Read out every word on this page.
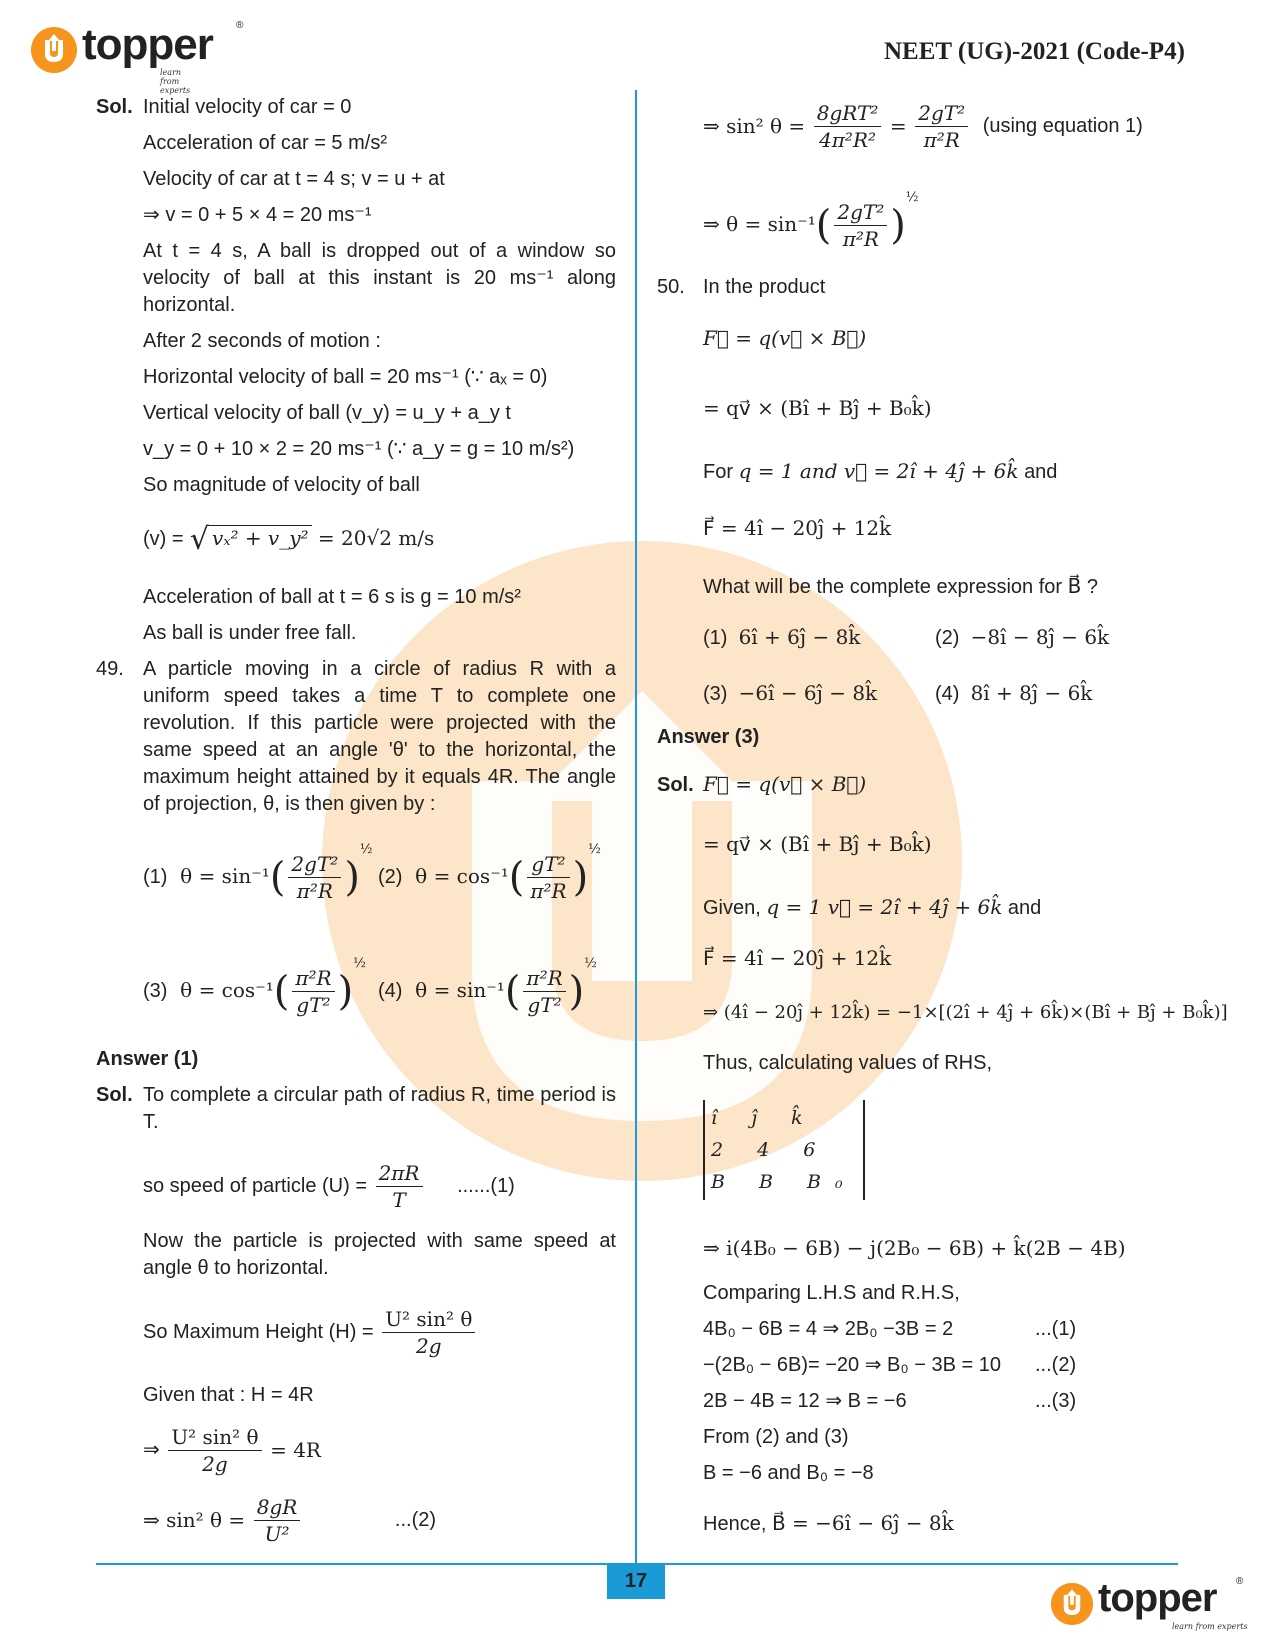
topper ®
learn from experts
NEET (UG)-2021 (Code-P4)
Sol. Initial velocity of car = 0
Acceleration of car = 5 m/s²
Velocity of car at t = 4 s; v = u + at
⇒ v = 0 + 5 × 4 = 20 ms⁻¹
At t = 4 s, A ball is dropped out of a window so velocity of ball at this instant is 20 ms⁻¹ along horizontal.
After 2 seconds of motion :
Horizontal velocity of ball = 20 ms⁻¹ (∵ aₓ = 0)
Vertical velocity of ball (v_y) = u_y + a_y t
v_y = 0 + 10 × 2 = 20 ms⁻¹ (∵ a_y = g = 10 m/s²)
So magnitude of velocity of ball
(v) = √ vₓ² + v_y² = 20√2 m/s
Acceleration of ball at t = 6 s is g = 10 m/s²
As ball is under free fall.
49. A particle moving in a circle of radius R with a uniform speed takes a time T to complete one revolution. If this particle were projected with the same speed at an angle 'θ' to the horizontal, the maximum height attained by it equals 4R. The angle of projection, θ, is then given by :
(1) $\theta = \sin^{-1}( \frac{\text{2gT²}}{\text{π²R}} )^{\frac{1}{2}}$
(2) $\theta = \cos^{-1}( \frac{\text{gT²}}{\text{π²R}} )^{\frac{1}{2}}$
(3) $\theta = \cos^{-1}( \frac{\text{π²R}}{\text{gT²}} )^{\frac{1}{2}}$
(4) $\theta = \sin^{-1}( \frac{\text{π²R}}{\text{gT²}} )^{\frac{1}{2}}$
Answer (1)
Sol. To complete a circular path of radius R, time period is T.
so speed of particle $(U) = \frac{2\pi R}{T} ......(1)$
Now the particle is projected with same speed at angle θ to horizontal.
So Maximum Height $(H) = \frac{\text{U² sin² θ}}{2g}$
Given that : H = 4R
⇒ $\frac{\text{U² sin² θ}}{2g} = 4R$
⇒ sin² $\theta = \frac{8gR}{\text{U²}}$	...(2)
⇒ sin² $\theta = \frac{\text{8gRT²}}{\text{4π²R²}} = \frac{\text{2gT²}}{\text{π²R}} (using$ equation 1)
⇒ $\theta = \sin^{-1}( \frac{\text{2gT²}}{\text{π²R}} )^{\frac{1}{2}}$
50. In the product
F⃗ = q(v⃗ × B⃗)
= qv⃗ × (Bî + Bĵ + B₀k̂)
For q = 1 and v⃗ = 2î + 4ĵ + 6k̂ and
F⃗ = 4î − 20ĵ + 12k̂
What will be the complete expression for B⃗ ?
(1) 6î + 6ĵ − 8k̂	(2) −8î − 8ĵ − 6k̂
(3) −6î − 6ĵ − 8k̂	(4) 8î + 8ĵ − 6k̂
Answer (3)
Sol. F⃗ = q(v⃗ × B⃗)
= qv⃗ × (Bî + Bĵ + B₀k̂)
Given, q = 1 v⃗ = 2î + 4ĵ + 6k̂ and
F⃗ = 4î − 20ĵ + 12k̂
⇒ (4î − 20ĵ + 12k̂) = −1×[(2î + 4ĵ + 6k̂)×(Bî + Bĵ + B₀k̂)]
Thus, calculating values of RHS,
î ĵ k̂
2 4 6
B B B₀
⇒ i(4B₀ − 6B) − j(2B₀ − 6B) + k̂(2B − 4B)
Comparing L.H.S and R.H.S,
4B₀ − 6B = 4 ⇒ 2B₀ −3B = 2	...(1)
−(2B₀ − 6B)= −20 ⇒ B₀ − 3B = 10 ...(2)
2B − 4B = 12 ⇒ B = −6	...(3)
From (2) and (3)
B = −6 and B₀ = −8
Hence, B⃗ = −6î − 6ĵ − 8k̂
17	topper ®
learn from experts
